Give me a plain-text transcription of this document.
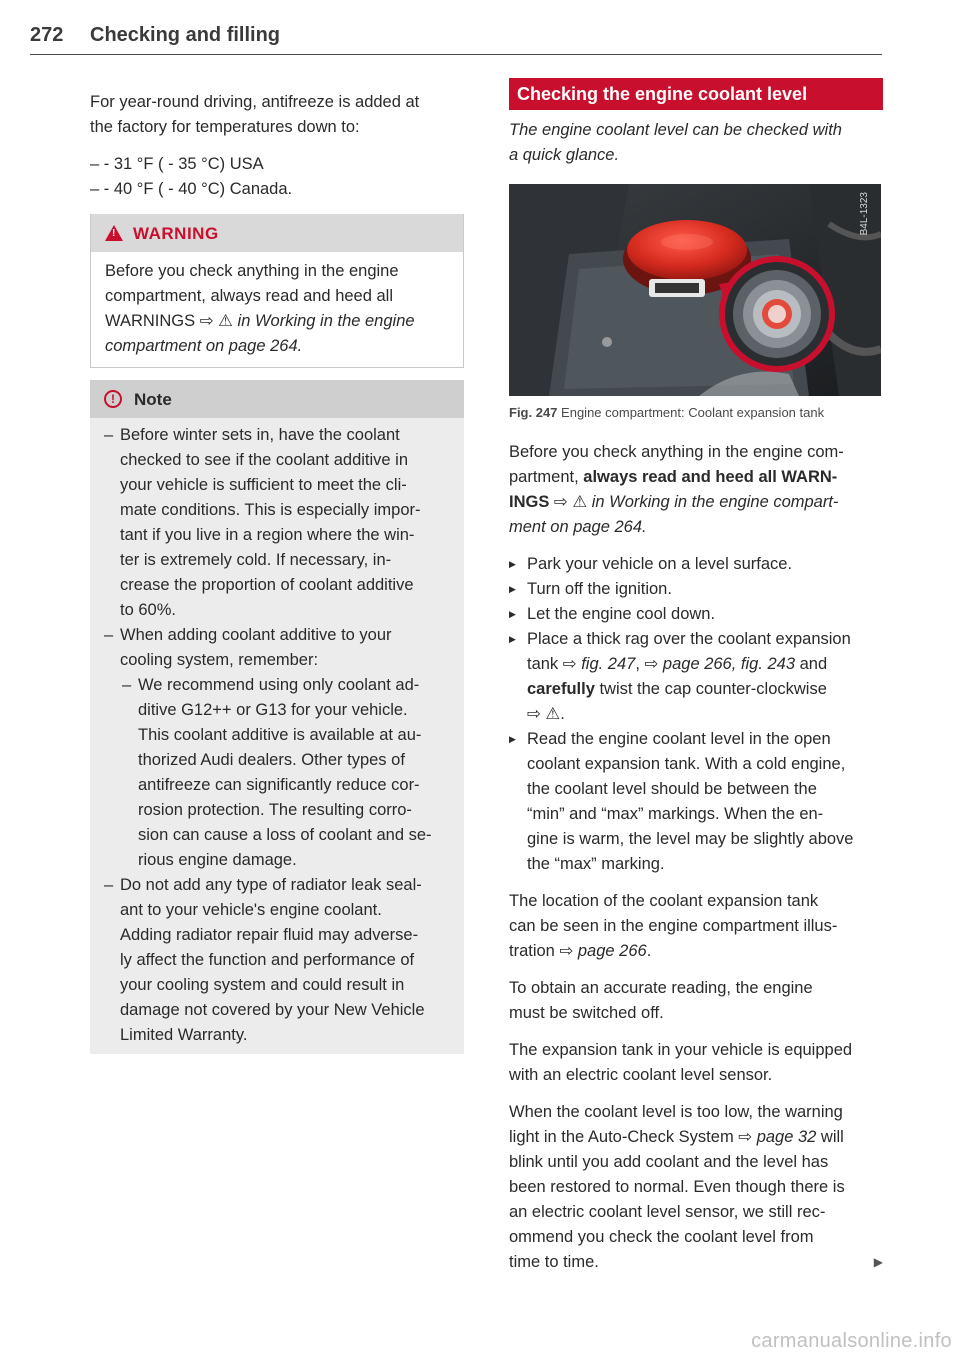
272 Checking and filling

For year-round driving, antifreeze is added at
the factory for temperatures down to:

– - 31 °F ( - 35 °C) USA
– - 40 °F ( - 40 °C) Canada.
!
WARNING
Before you check anything in the engine
compartment, always read and heed all
WARNINGS ⇨ ⚠ in Working in the engine
compartment on page 264.
!	Note
– Before winter sets in, have the coolant
checked to see if the coolant additive in
your vehicle is sufficient to meet the cli-
mate conditions. This is especially impor-
tant if you live in a region where the win-
ter is extremely cold. If necessary, in-
crease the proportion of coolant additive
to 60%.
– When adding coolant additive to your
cooling system, remember:
– We recommend using only coolant ad-
ditive G12++ or G13 for your vehicle.
This coolant additive is available at au-
thorized Audi dealers. Other types of
antifreeze can significantly reduce cor-
rosion protection. The resulting corro-
sion can cause a loss of coolant and se-
rious engine damage.
– Do not add any type of radiator leak seal-
ant to your vehicle's engine coolant.
Adding radiator repair fluid may adverse-
ly affect the function and performance of
your cooling system and could result in
damage not covered by your New Vehicle
Limited Warranty.
Checking the engine coolant level
The engine coolant level can be checked with
a quick glance.
B4L-1323
Fig. 247 Engine compartment: Coolant expansion tank

Before you check anything in the engine com-
partment, always read and heed all WARN-
INGS ⇨ ⚠ in Working in the engine compart-
ment on page 264.

▶ Park your vehicle on a level surface.
▶ Turn off the ignition.
▶ Let the engine cool down.
▶ Place a thick rag over the coolant expansion
tank ⇨ fig. 247, ⇨ page 266, fig. 243 and
carefully twist the cap counter-clockwise
⇨ ⚠.
▶ Read the engine coolant level in the open
coolant expansion tank. With a cold engine,
the coolant level should be between the
“min” and “max” markings. When the en-
gine is warm, the level may be slightly above
the “max” marking.

The location of the coolant expansion tank
can be seen in the engine compartment illus-
tration ⇨ page 266.

To obtain an accurate reading, the engine
must be switched off.

The expansion tank in your vehicle is equipped
with an electric coolant level sensor.

When the coolant level is too low, the warning
light in the Auto-Check System ⇨ page 32 will
blink until you add coolant and the level has
been restored to normal. Even though there is
an electric coolant level sensor, we still rec-
ommend you check the coolant level from
time to time.	▶

carmanualsonline.info
